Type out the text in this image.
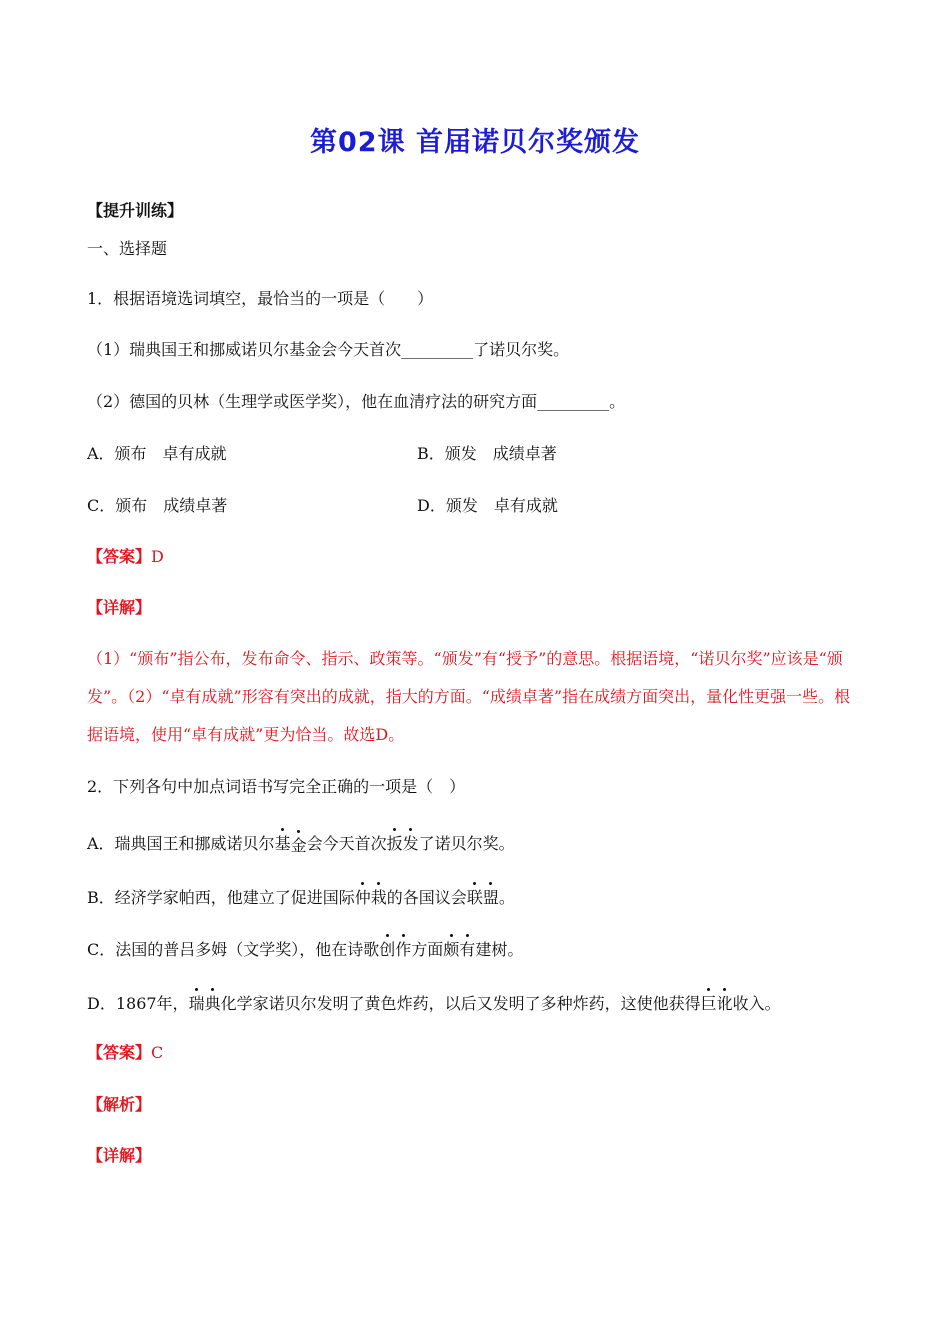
第02课 首届诺贝尔奖颁发
【提升训练】
一、选择题
1．根据语境选词填空，最恰当的一项是（　　）
（1）瑞典国王和挪威诺贝尔基金会今天首次_________了诺贝尔奖。
（2）德国的贝林（生理学或医学奖），他在血清疗法的研究方面_________。
A．颁布　卓有成就	B．颁发　成绩卓著
C．颁布　成绩卓著	D．颁发　卓有成就
【答案】D
【详解】
（1）“颁布”指公布，发布命令、指示、政策等。“颁发”有“授予”的意思。根据语境，“诺贝尔奖”应该是“颁发”。（2）“卓有成就”形容有突出的成就，指大的方面。“成绩卓著”指在成绩方面突出，量化性更强一些。根据语境，使用“卓有成就”更为恰当。故选D。
2．下列各句中加点词语书写完全正确的一项是（　）
A．瑞典国王和挪威诺贝尔基金会今天首次扳发了诺贝尔奖。
B．经济学家帕西，他建立了促进国际仲栽的各国议会联盟。
C．法国的普吕多姆（文学奖），他在诗歌创作方面颇有建树。
D．1867年，瑞典化学家诺贝尔发明了黄色炸药，以后又发明了多种炸药，这使他获得巨讹收入。
【答案】C
【解析】
【详解】
